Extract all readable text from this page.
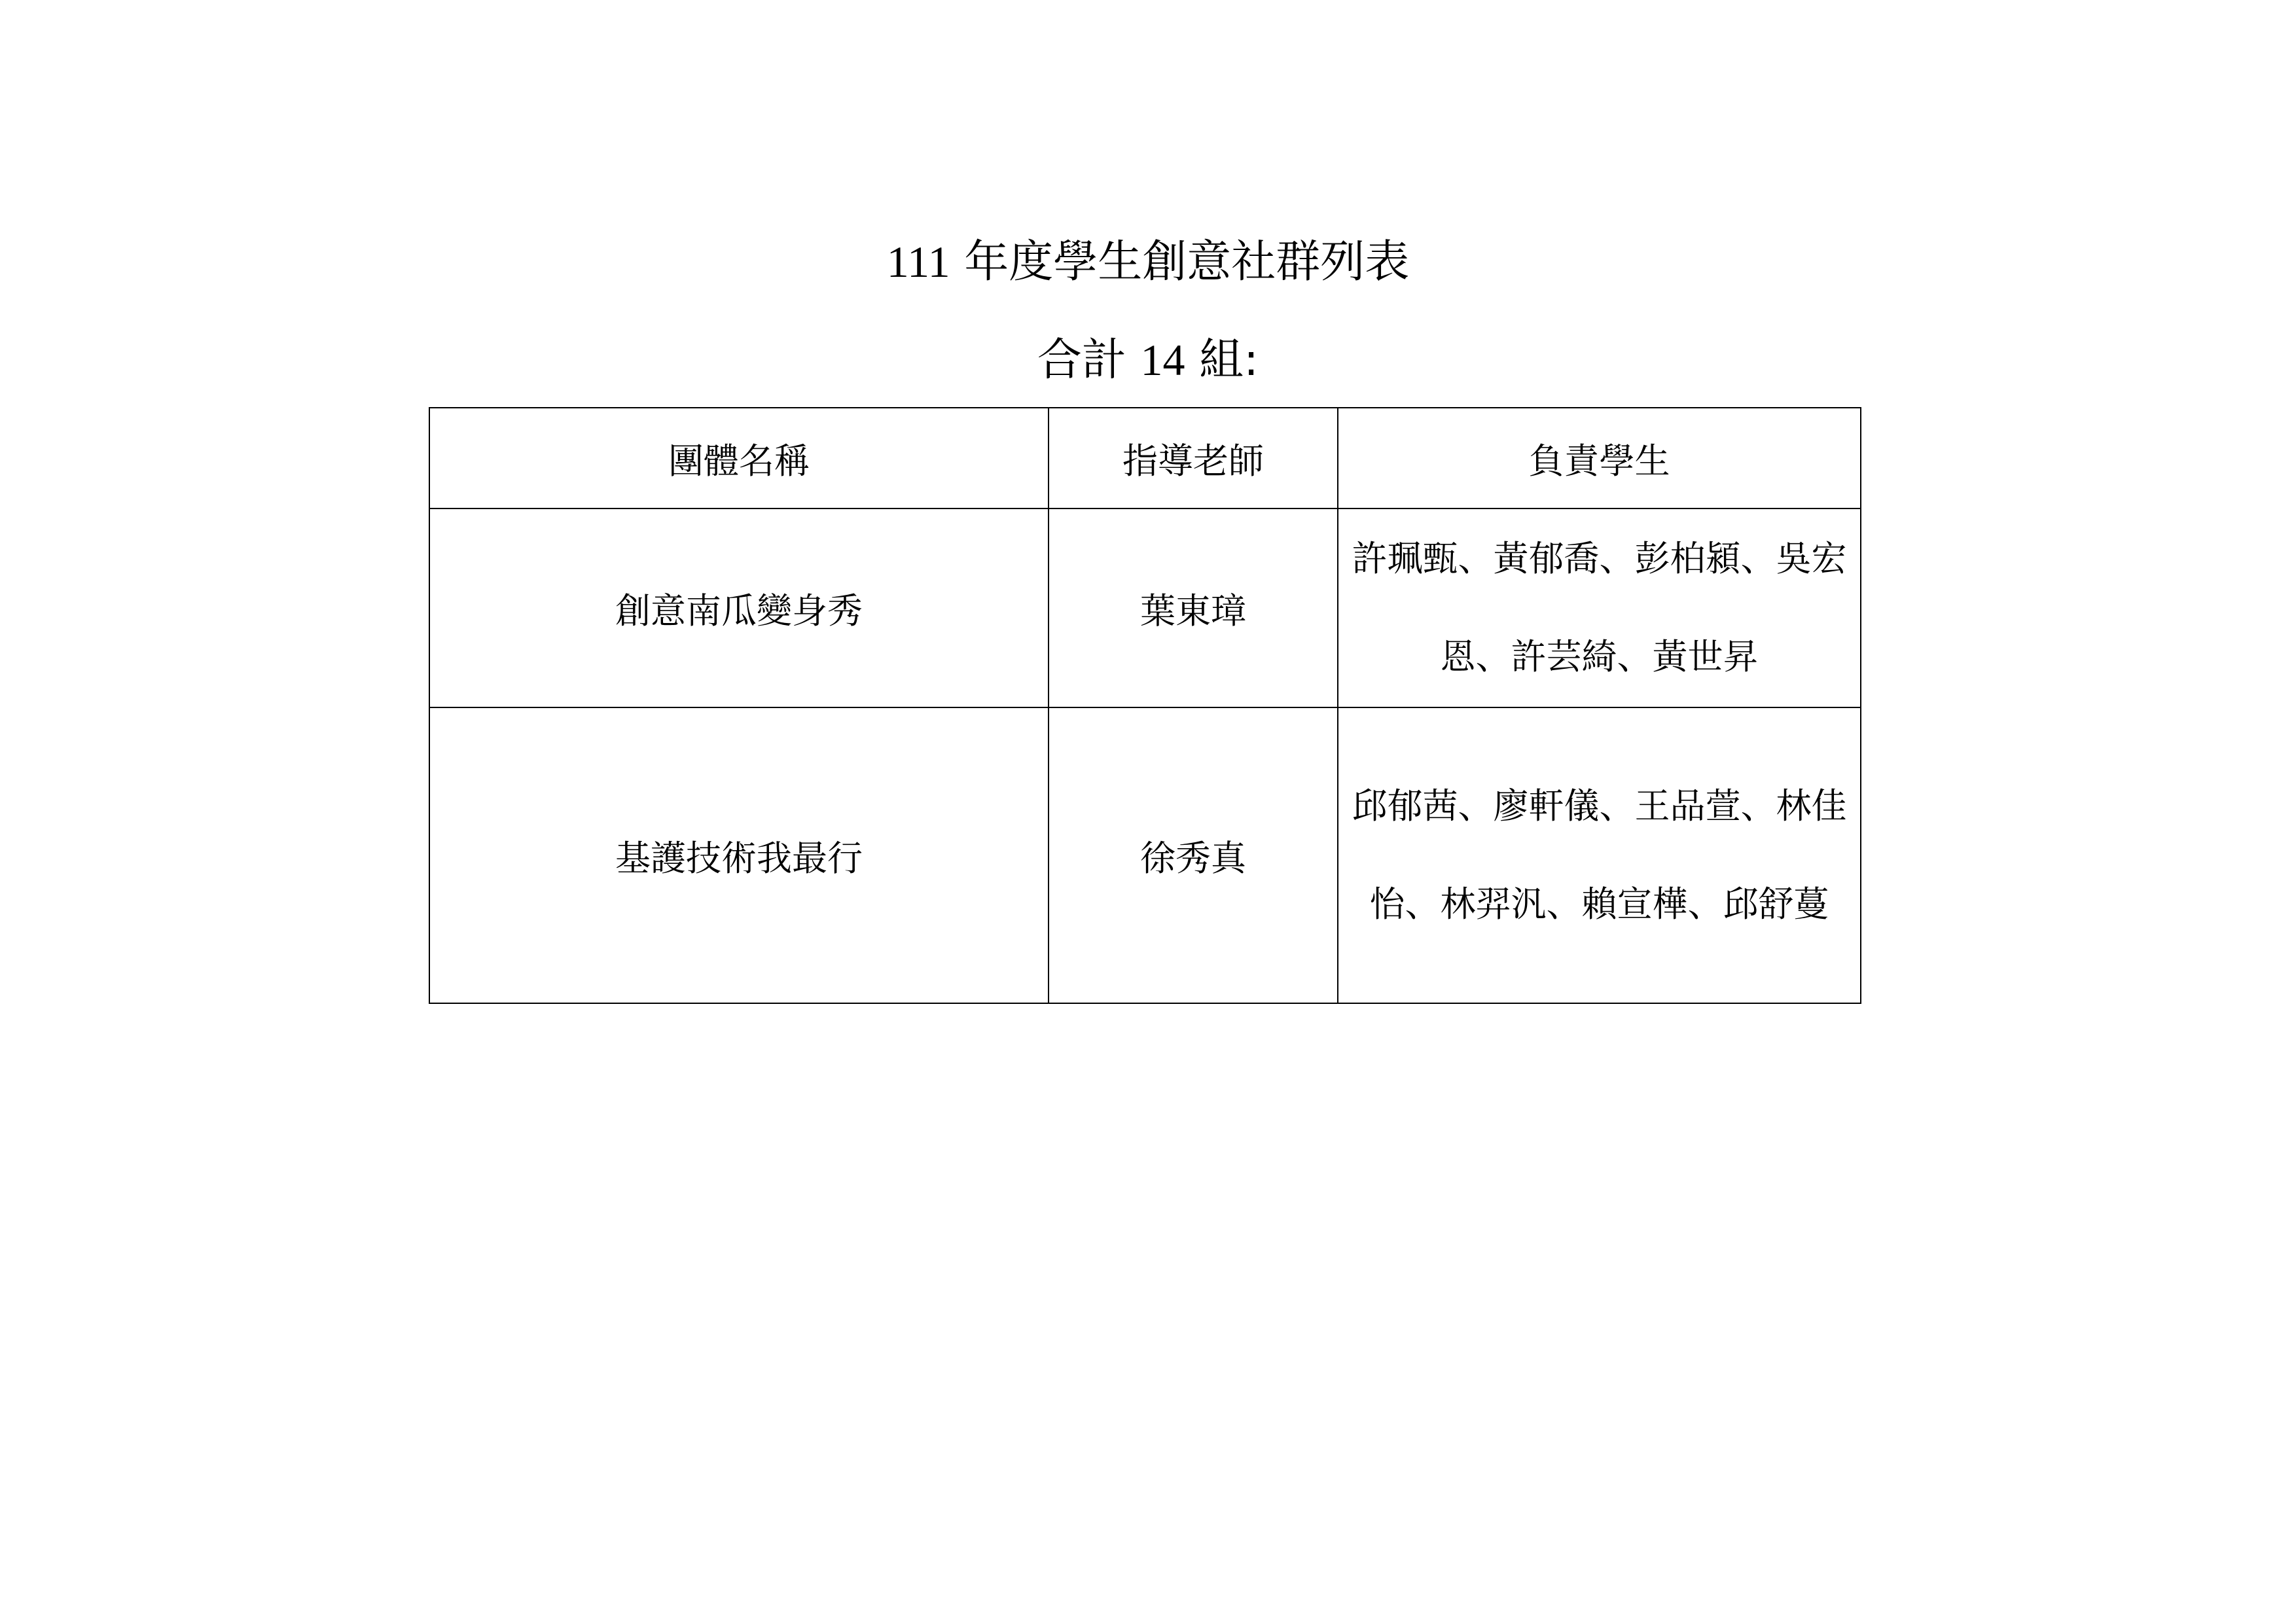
111 年度學生創意社群列表
合計 14 組:
團體名稱	指導老師	負責學生
創意南瓜變身秀	葉東璋	許珮甄、黃郁喬、彭柏潁、吳宏恩、許芸綺、黃世昇
基護技術我最行	徐秀真	邱郁茜、廖軒儀、王品萱、林佳怡、林羿汎、賴宣樺、邱舒蔓
